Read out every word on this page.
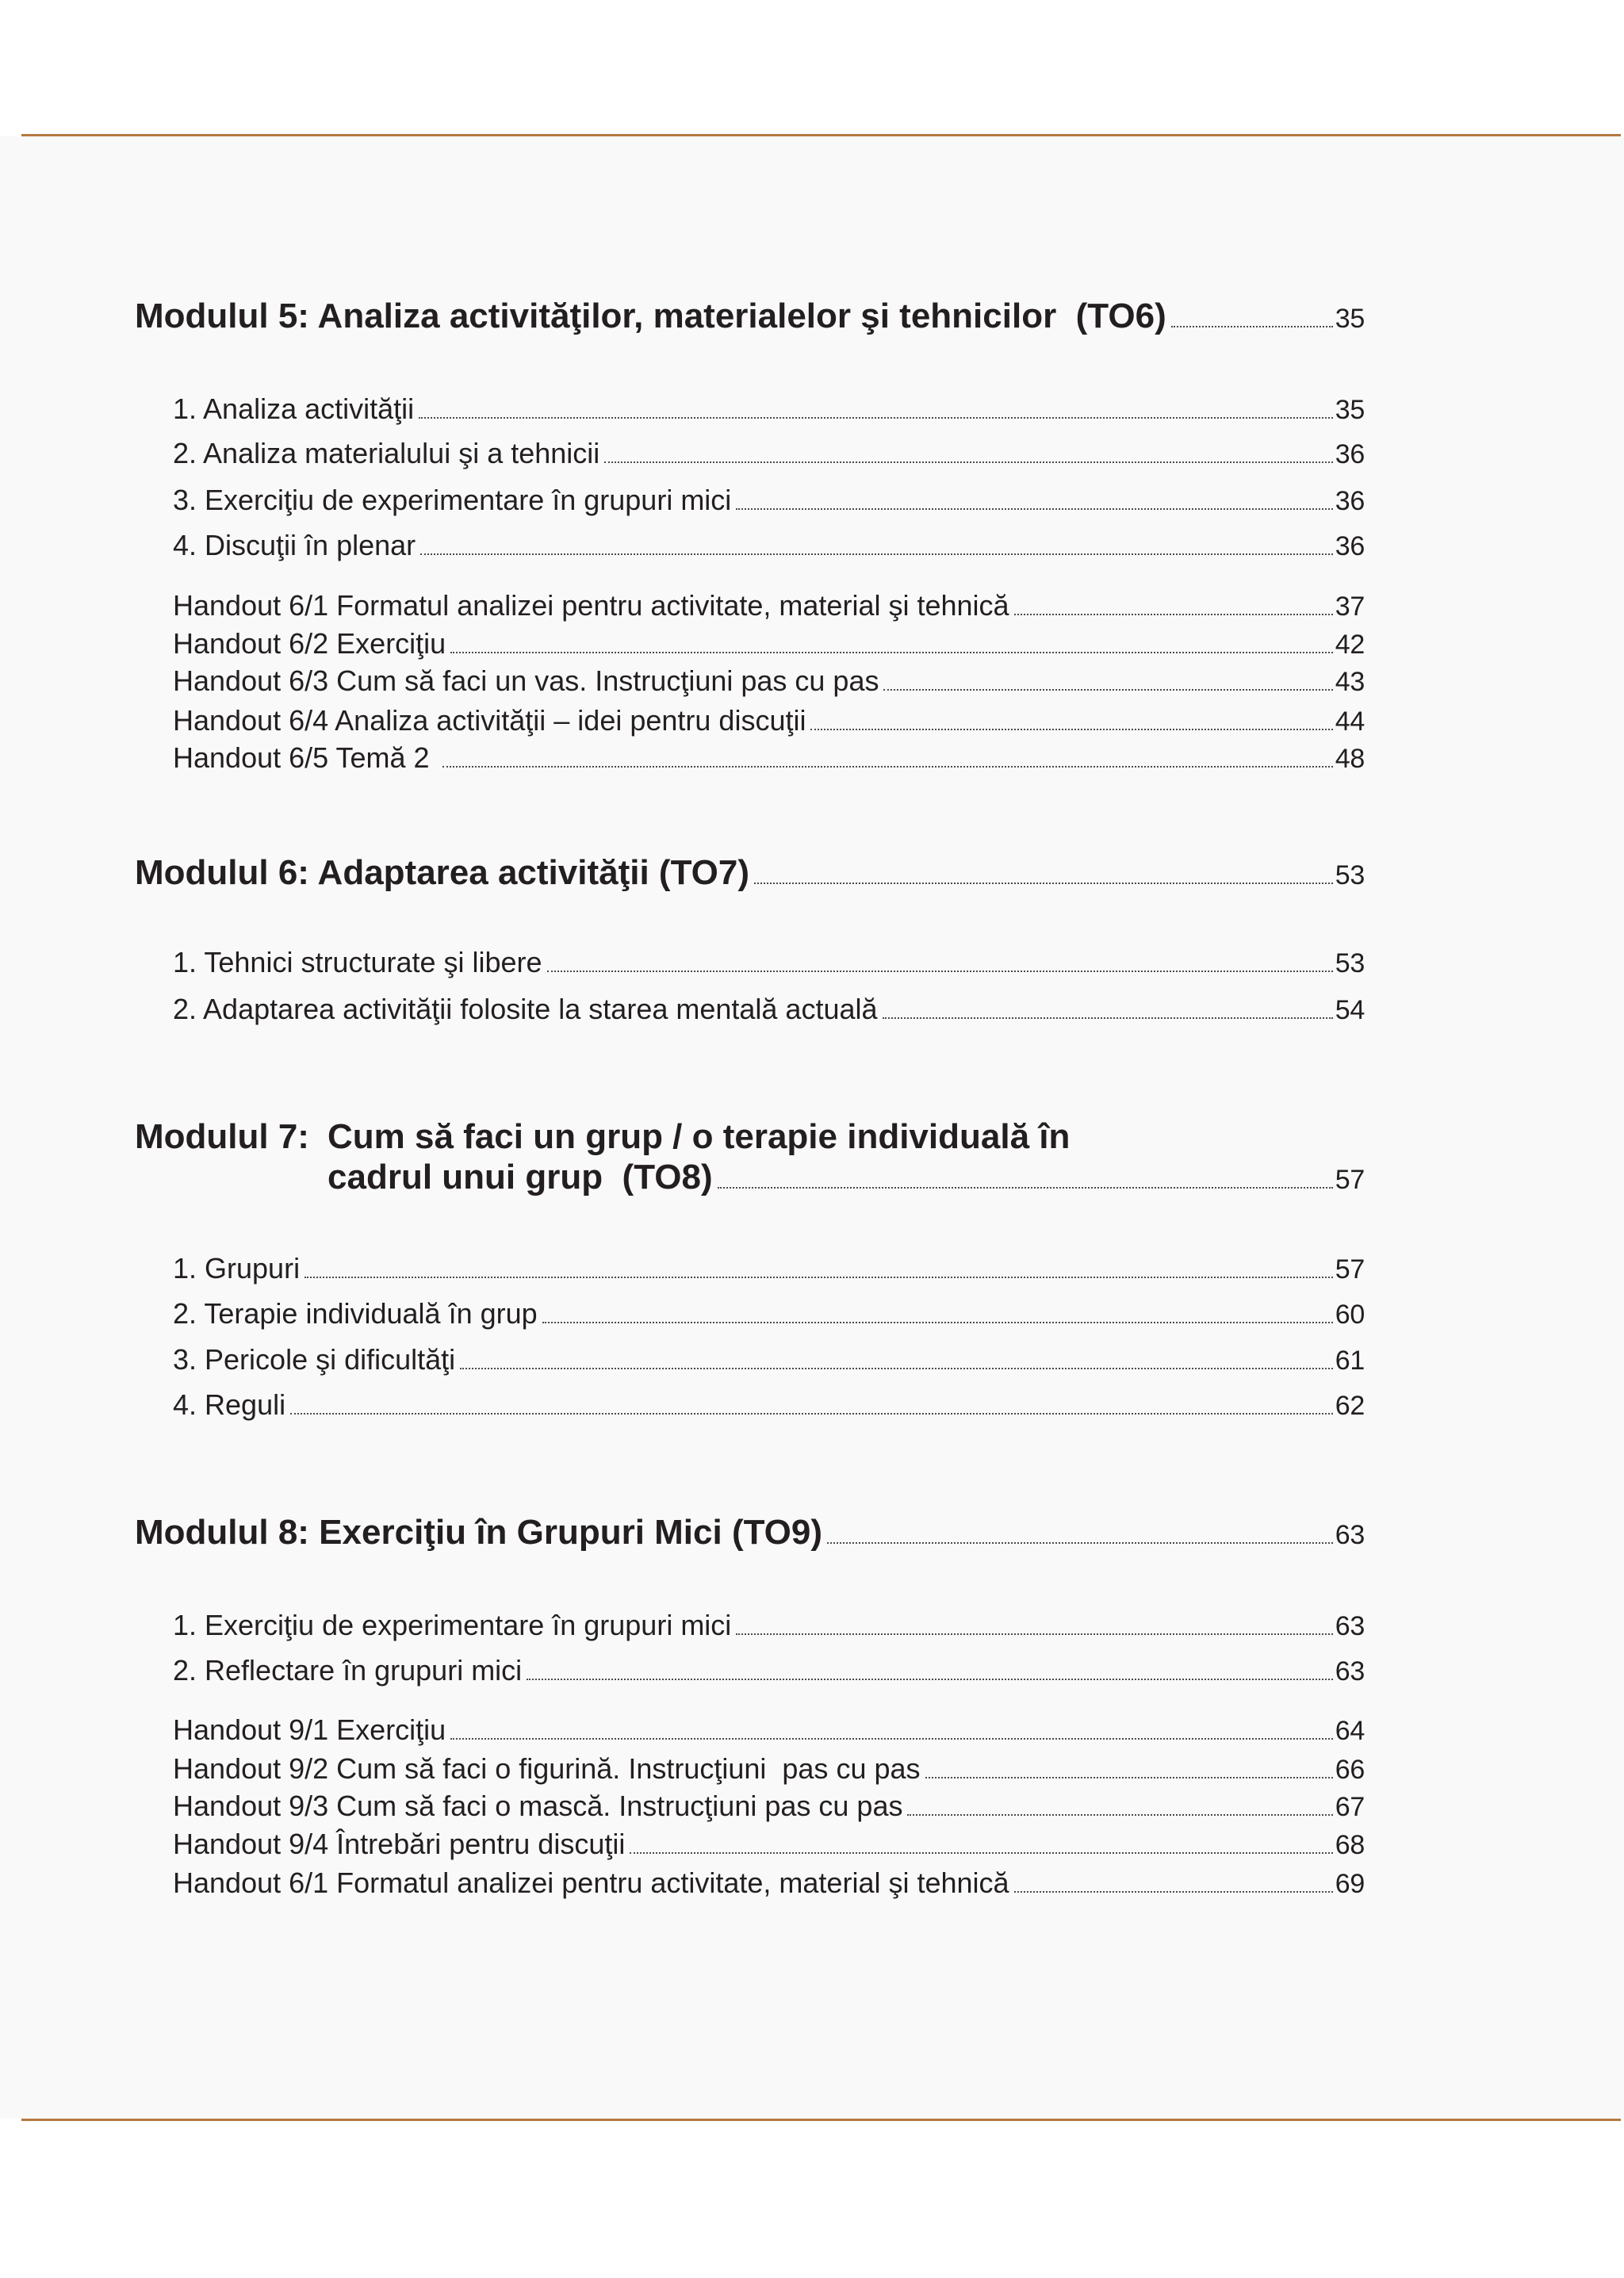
Modulul 5: Analiza activităţilor, materialelor şi tehnicilor  (TO6)	35
1. Analiza activităţii	35
2. Analiza materialului şi a tehnicii	36
3. Exerciţiu de experimentare în grupuri mici	36
4. Discuţii în plenar	36
Handout 6/1 Formatul analizei pentru activitate, material şi tehnică	37
Handout 6/2 Exerciţiu	42
Handout 6/3 Cum să faci un vas. Instrucţiuni pas cu pas	43
Handout 6/4 Analiza activităţii – idei pentru discuţii	44
Handout 6/5 Temă 2	48
Modulul 6: Adaptarea activităţii (TO7)	53
1. Tehnici structurate şi libere	53
2. Adaptarea activităţii folosite la starea mentală actuală	54
Modulul 7: Cum să faci un grup / o terapie individuală în
cadrul unui grup  (TO8)	57
1. Grupuri	57
2. Terapie individuală în grup	60
3. Pericole şi dificultăţi	61
4. Reguli	62
Modulul 8: Exerciţiu în Grupuri Mici (TO9)	63
1. Exerciţiu de experimentare în grupuri mici	63
2. Reflectare în grupuri mici	63
Handout 9/1 Exerciţiu	64
Handout 9/2 Cum să faci o figurină. Instrucţiuni  pas cu pas	66
Handout 9/3 Cum să faci o mască. Instrucţiuni pas cu pas	67
Handout 9/4 Întrebări pentru discuţii	68
Handout 6/1 Formatul analizei pentru activitate, material şi tehnică	69
